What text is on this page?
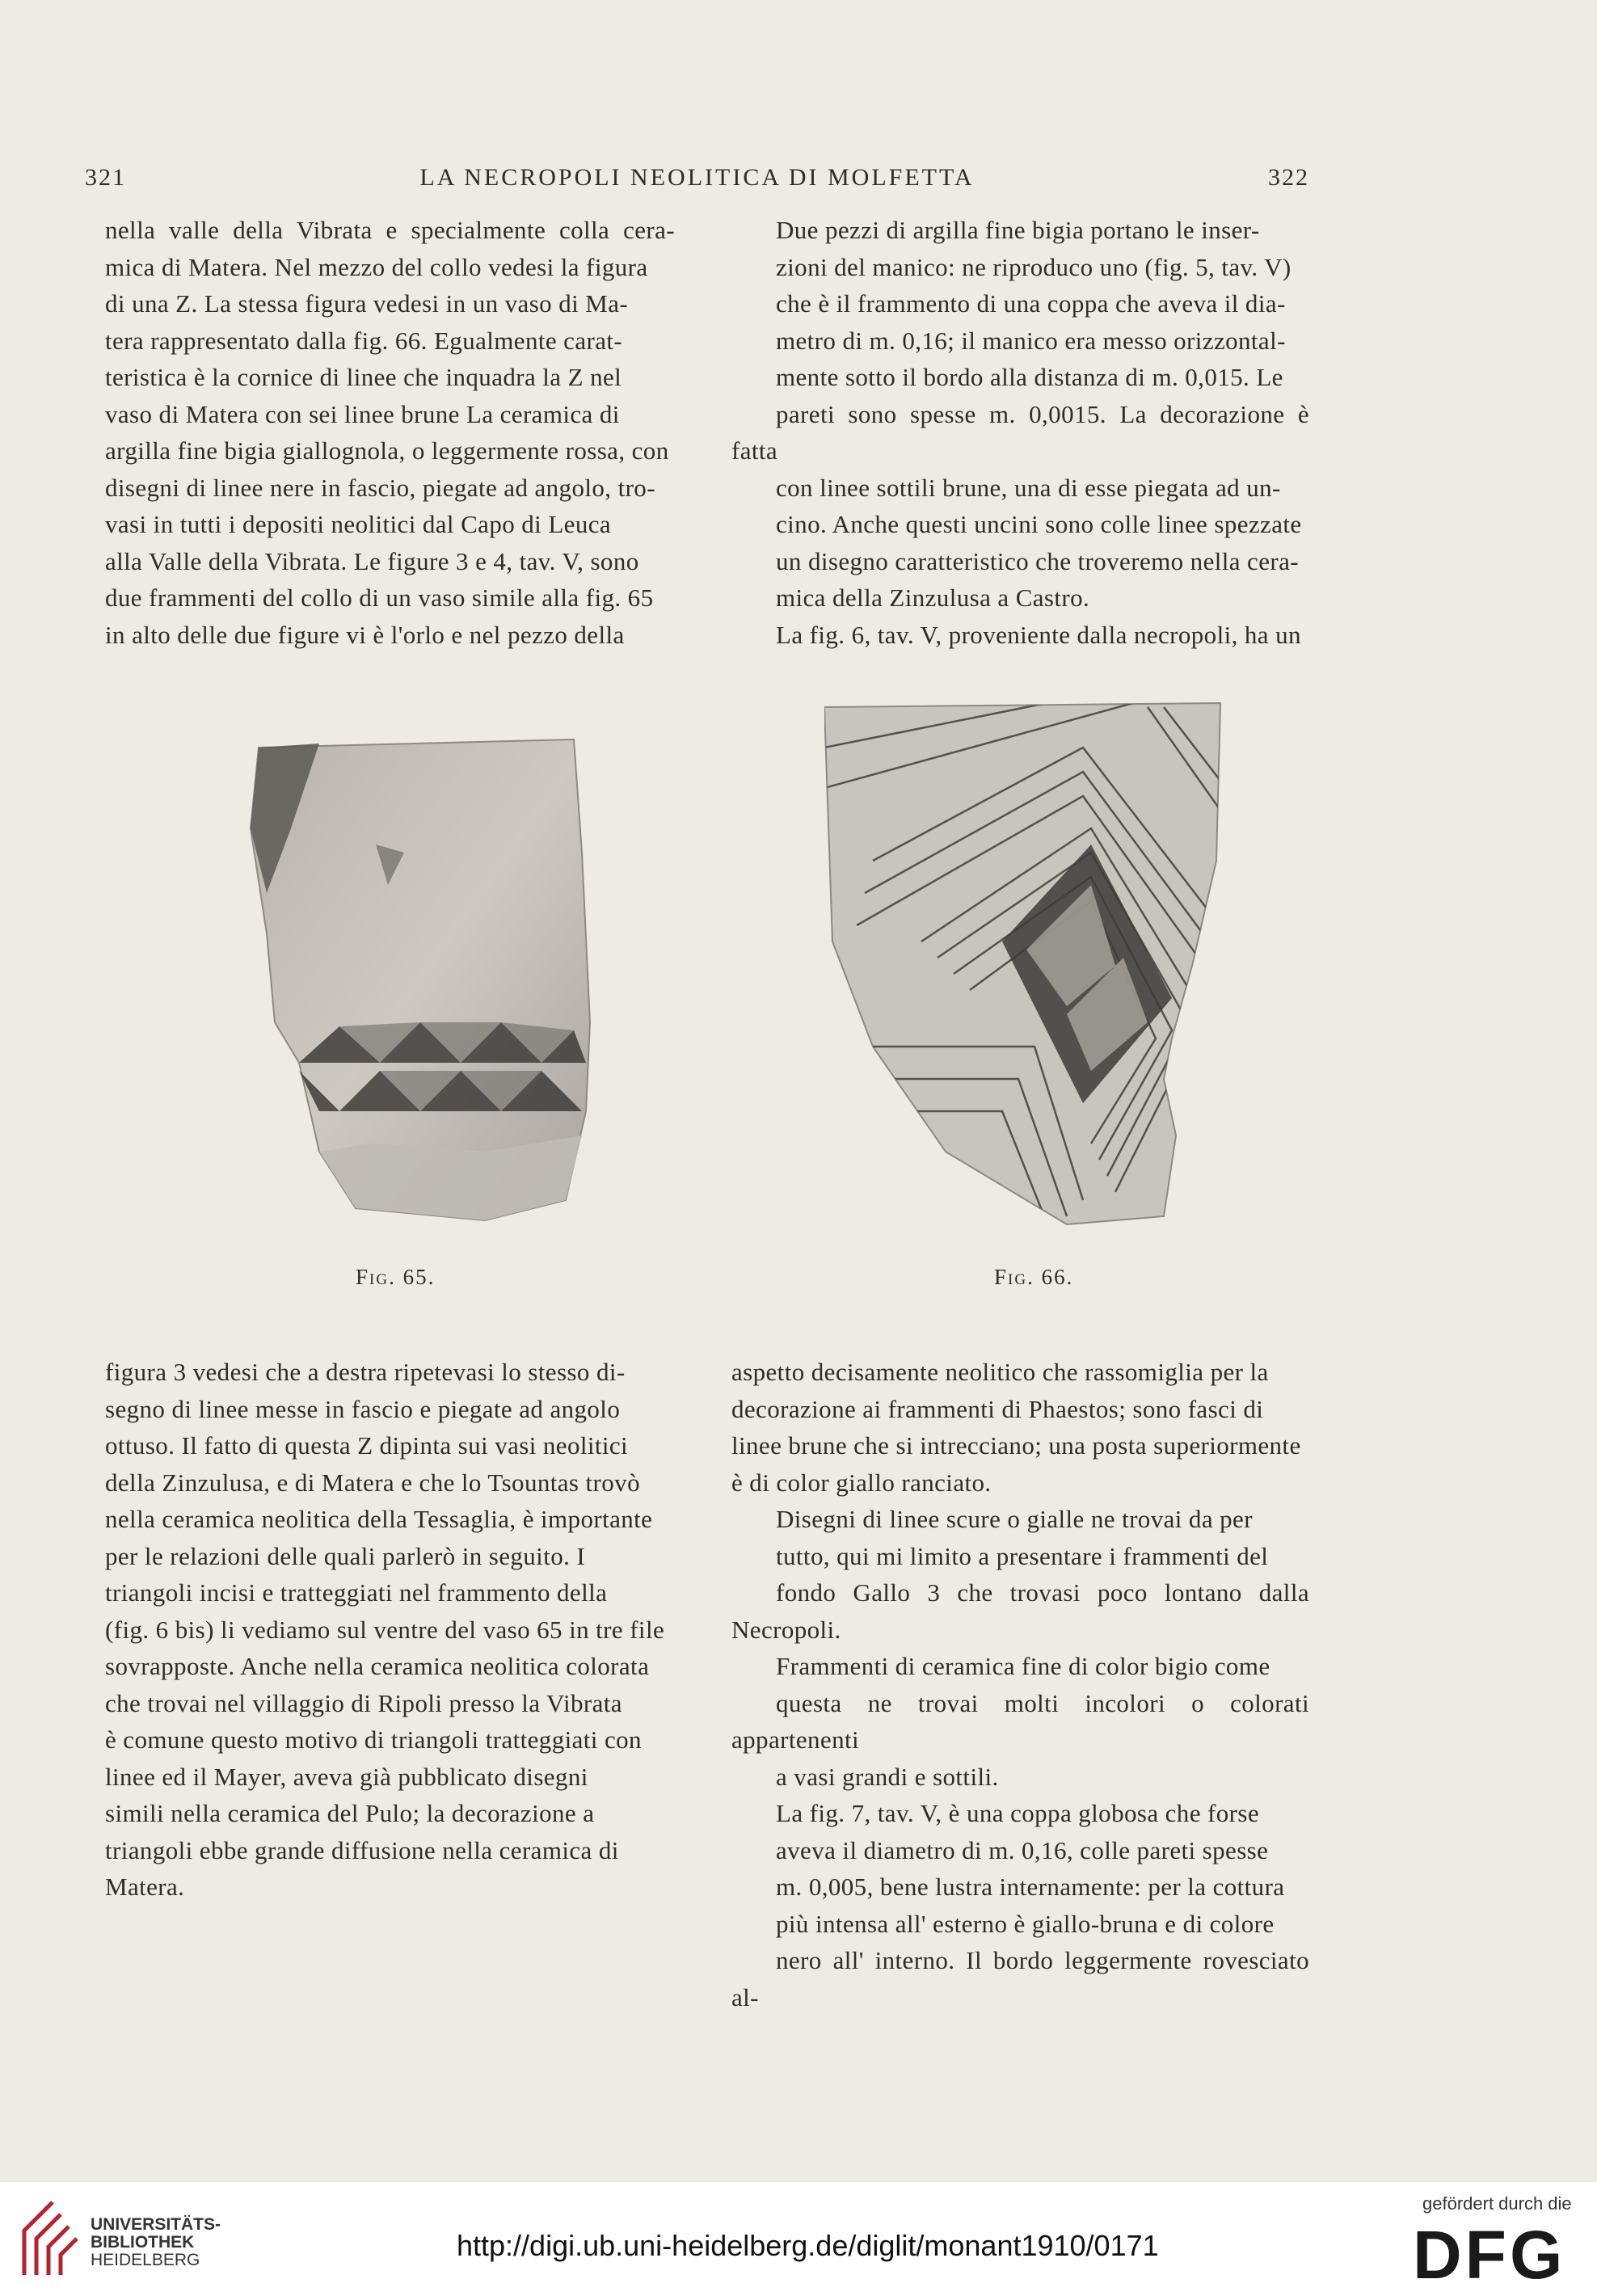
321	LA NECROPOLI NEOLITICA DI MOLFETTA	322

nella valle della Vibrata e specialmente colla cera-
mica di Matera. Nel mezzo del collo vedesi la figura
di una Z. La stessa figura vedesi in un vaso di Ma-
tera rappresentato dalla fig. 66. Egualmente carat-
teristica è la cornice di linee che inquadra la Z nel
vaso di Matera con sei linee brune La ceramica di
argilla fine bigia giallognola, o leggermente rossa, con
disegni di linee nere in fascio, piegate ad angolo, tro-
vasi in tutti i depositi neolitici dal Capo di Leuca
alla Valle della Vibrata. Le figure 3 e 4, tav. V, sono
due frammenti del collo di un vaso simile alla fig. 65
in alto delle due figure vi è l'orlo e nel pezzo della

Due pezzi di argilla fine bigia portano le inser-
zioni del manico: ne riproduco uno (fig. 5, tav. V)
che è il frammento di una coppa che aveva il dia-
metro di m. 0,16; il manico era messo orizzontal-
mente sotto il bordo alla distanza di m. 0,015. Le
pareti sono spesse m. 0,0015. La decorazione è fatta
con linee sottili brune, una di esse piegata ad un-
cino. Anche questi uncini sono colle linee spezzate
un disegno caratteristico che troveremo nella cera-
mica della Zinzulusa a Castro.

La fig. 6, tav. V, proveniente dalla necropoli, ha un

Fig. 65.	Fig. 66.

figura 3 vedesi che a destra ripetevasi lo stesso di-
segno di linee messe in fascio e piegate ad angolo
ottuso. Il fatto di questa Z dipinta sui vasi neolitici
della Zinzulusa, e di Matera e che lo Tsountas trovò
nella ceramica neolitica della Tessaglia, è importante
per le relazioni delle quali parlerò in seguito. I
triangoli incisi e tratteggiati nel frammento della
(fig. 6 bis) li vediamo sul ventre del vaso 65 in tre file
sovrapposte. Anche nella ceramica neolitica colorata
che trovai nel villaggio di Ripoli presso la Vibrata
è comune questo motivo di triangoli tratteggiati con
linee ed il Mayer, aveva già pubblicato disegni
simili nella ceramica del Pulo; la decorazione a
triangoli ebbe grande diffusione nella ceramica di
Matera.

aspetto decisamente neolitico che rassomiglia per la
decorazione ai frammenti di Phaestos; sono fasci di
linee brune che si intrecciano; una posta superiormente
è di color giallo ranciato.

Disegni di linee scure o gialle ne trovai da per
tutto, qui mi limito a presentare i frammenti del
fondo Gallo 3 che trovasi poco lontano dalla Necropoli.

Frammenti di ceramica fine di color bigio come
questa ne trovai molti incolori o colorati appartenenti
a vasi grandi e sottili.

La fig. 7, tav. V, è una coppa globosa che forse
aveva il diametro di m. 0,16, colle pareti spesse
m. 0,005, bene lustra internamente: per la cottura
più intensa all' esterno è giallo-bruna e di colore
nero all' interno. Il bordo leggermente rovesciato al-

UNIVERSITÄTS-
BIBLIOTHEK
HEIDELBERG	http://digi.ub.uni-heidelberg.de/diglit/monant1910/0171
gefördert durch die
DFG
